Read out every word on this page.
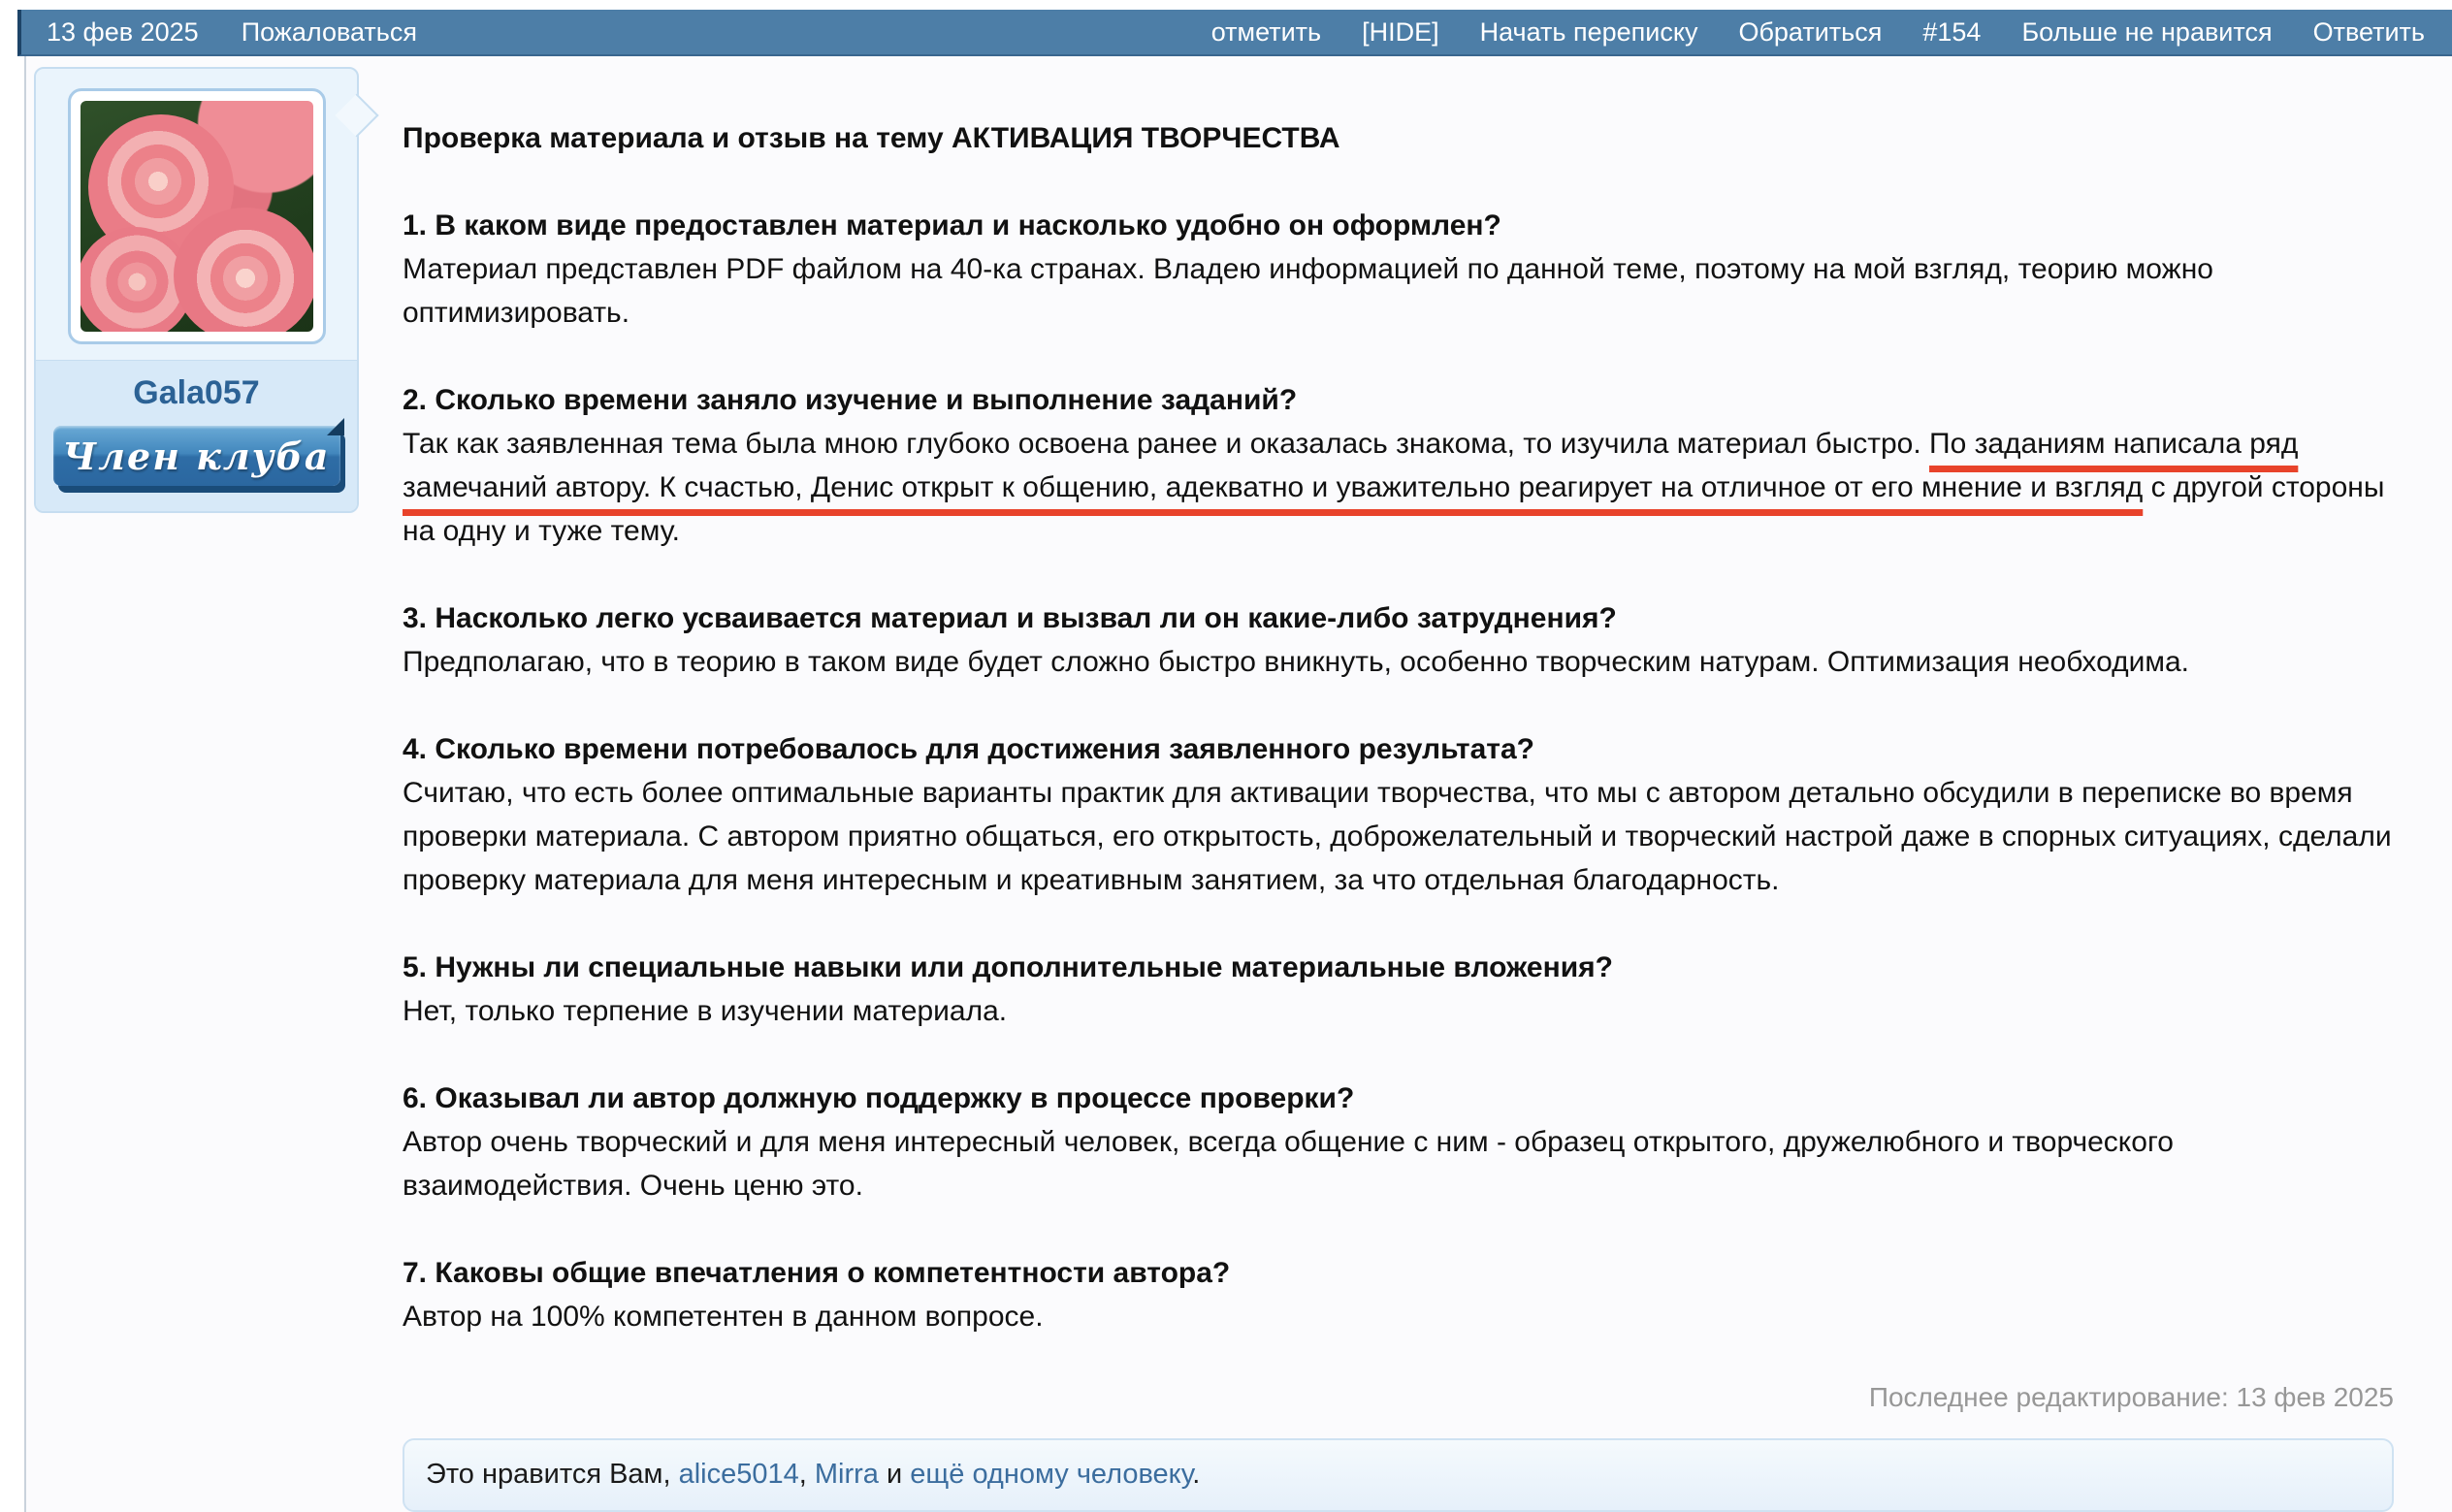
13 фев 2025 Пожаловаться	отметить [HIDE] Начать переписку Обратиться #154 Больше не нравится Ответить
Gala057
Член клуба
Проверка материала и отзыв на тему АКТИВАЦИЯ ТВОРЧЕСТВА
1. В каком виде предоставлен материал и насколько удобно он оформлен?
Материал представлен PDF файлом на 40-ка странах. Владею информацией по данной теме, поэтому на мой взгляд, теорию можно оптимизировать.
2. Сколько времени заняло изучение и выполнение заданий?
Так как заявленная тема была мною глубоко освоена ранее и оказалась знакома, то изучила материал быстро. По заданиям написала ряд замечаний автору. К счастью, Денис открыт к общению, адекватно и уважительно реагирует на отличное от его мнение и взгляд с другой стороны на одну и туже тему.
3. Насколько легко усваивается материал и вызвал ли он какие-либо затруднения?
Предполагаю, что в теорию в таком виде будет сложно быстро вникнуть, особенно творческим натурам. Оптимизация необходима.
4. Сколько времени потребовалось для достижения заявленного результата?
Считаю, что есть более оптимальные варианты практик для активации творчества, что мы с автором детально обсудили в переписке во время проверки материала. С автором приятно общаться, его открытость, доброжелательный и творческий настрой даже в спорных ситуациях, сделали проверку материала для меня интересным и креативным занятием, за что отдельная благодарность.
5. Нужны ли специальные навыки или дополнительные материальные вложения?
Нет, только терпение в изучении материала.
6. Оказывал ли автор должную поддержку в процессе проверки?
Автор очень творческий и для меня интересный человек, всегда общение с ним - образец открытого, дружелюбного и творческого взаимодействия. Очень ценю это.
7. Каковы общие впечатления о компетентности автора?
Автор на 100% компетентен в данном вопросе.
Последнее редактирование: 13 фев 2025
Это нравится Вам, alice5014, Mirra и ещё одному человеку.
